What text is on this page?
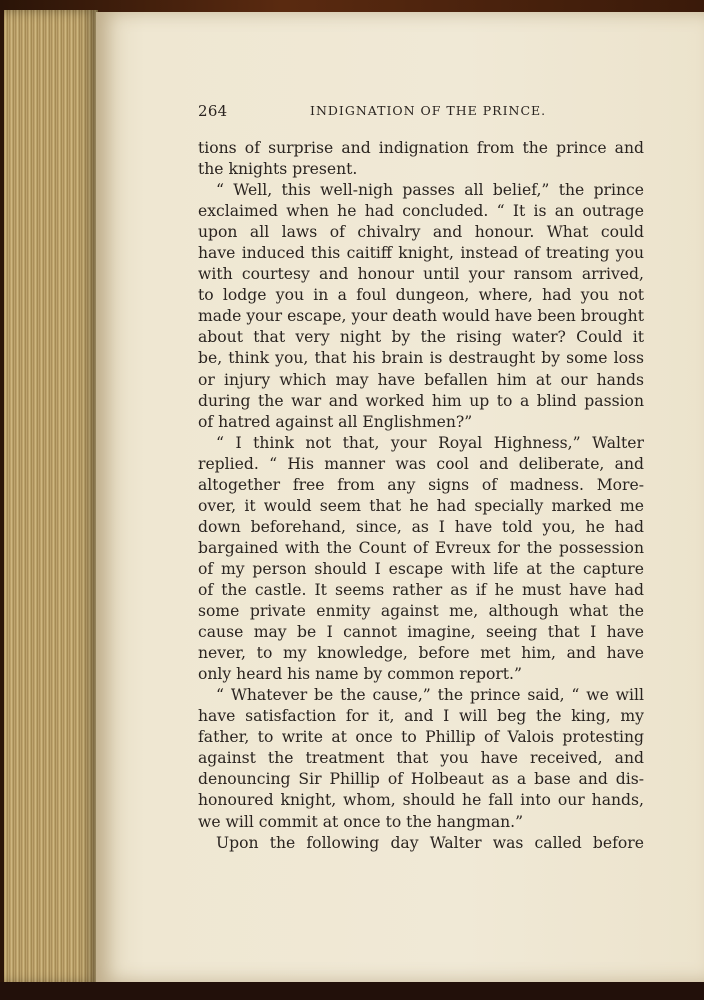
264	INDIGNATION OF THE PRINCE.
tions of surprise and indignation from the prince and
the knights present.
“ Well, this well-nigh passes all belief,” the prince
exclaimed when he had concluded. “ It is an outrage
upon all laws of chivalry and honour. What could
have induced this caitiff knight, instead of treating you
with courtesy and honour until your ransom arrived,
to lodge you in a foul dungeon, where, had you not
made your escape, your death would have been brought
about that very night by the rising water? Could it
be, think you, that his brain is destraught by some loss
or injury which may have befallen him at our hands
during the war and worked him up to a blind passion
of hatred against all Englishmen?”
“ I think not that, your Royal Highness,” Walter
replied. “ His manner was cool and deliberate, and
altogether free from any signs of madness. More-
over, it would seem that he had specially marked me
down beforehand, since, as I have told you, he had
bargained with the Count of Evreux for the possession
of my person should I escape with life at the capture
of the castle. It seems rather as if he must have had
some private enmity against me, although what the
cause may be I cannot imagine, seeing that I have
never, to my knowledge, before met him, and have
only heard his name by common report.”
“ Whatever be the cause,” the prince said, “ we will
have satisfaction for it, and I will beg the king, my
father, to write at once to Phillip of Valois protesting
against the treatment that you have received, and
denouncing Sir Phillip of Holbeaut as a base and dis-
honoured knight, whom, should he fall into our hands,
we will commit at once to the hangman.”
Upon the following day Walter was called before
